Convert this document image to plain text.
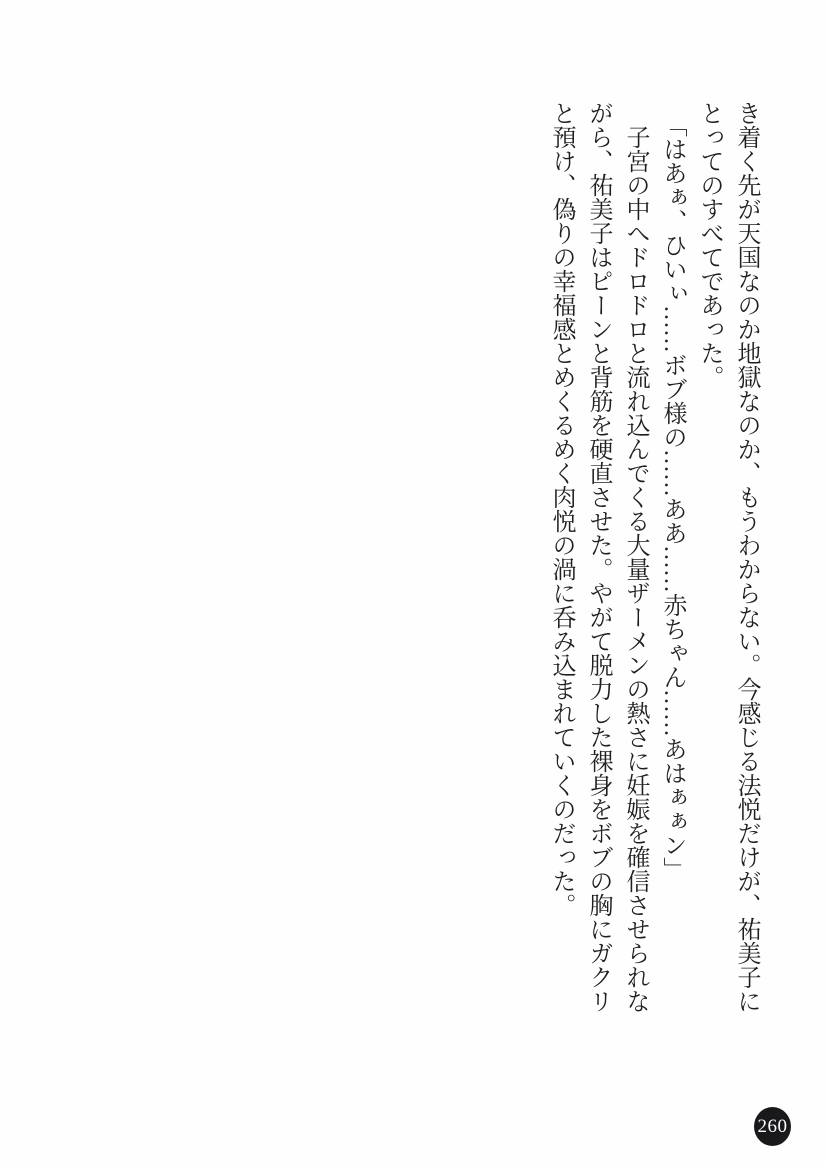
き着く先が天国なのか地獄なのか、もうわからない。今感じる法悦だけが、祐美子にとってのすべてであった。

「はあぁ、ひいぃ……ボブ様の……ああ……赤ちゃん……あはぁぁン」

子宮の中へドロドロと流れ込んでくる大量ザーメンの熱さに妊娠を確信させられながら、祐美子はピーンと背筋を硬直させた。やがて脱力した裸身をボブの胸にガクリと預け、偽りの幸福感とめくるめく肉悦の渦に呑み込まれていくのだった。

260
